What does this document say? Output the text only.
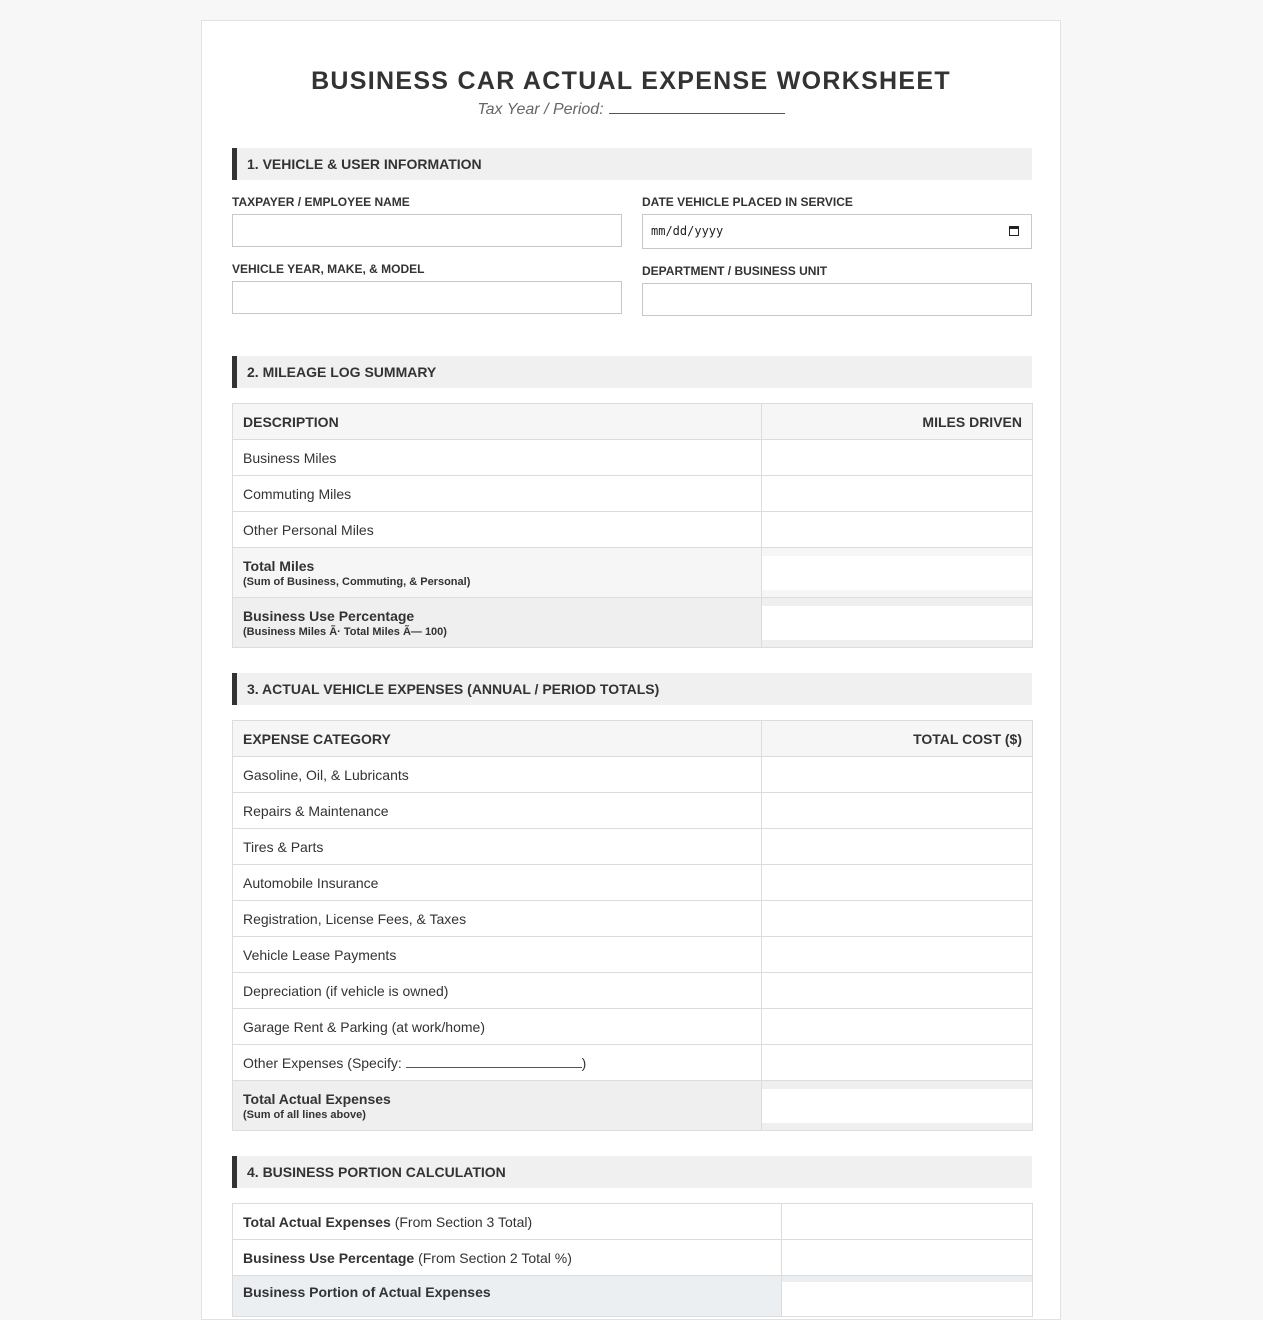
BUSINESS CAR ACTUAL EXPENSE WORKSHEET
Tax Year / Period:
1. VEHICLE & USER INFORMATION
TAXPAYER / EMPLOYEE NAME	DATE VEHICLE PLACED IN SERVICE
mm/dd/yyyy
VEHICLE YEAR, MAKE, & MODEL	DEPARTMENT / BUSINESS UNIT
2. MILEAGE LOG SUMMARY
DESCRIPTION	MILES DRIVEN
Business Miles	
Commuting Miles	
Other Personal Miles	
Total Miles
(Sum of Business, Commuting, & Personal)	

Business Use Percentage
(Business Miles Ã· Total Miles Ã— 100)	

3. ACTUAL VEHICLE EXPENSES (ANNUAL / PERIOD TOTALS)
EXPENSE CATEGORY	TOTAL COST ($)
Gasoline, Oil, & Lubricants	
Repairs & Maintenance	
Tires & Parts	
Automobile Insurance	
Registration, License Fees, & Taxes	
Vehicle Lease Payments	
Depreciation (if vehicle is owned)	
Garage Rent & Parking (at work/home)	
Other Expenses (Specify: )	
Total Actual Expenses
(Sum of all lines above)	

4. BUSINESS PORTION CALCULATION
Total Actual Expenses (From Section 3 Total)	
Business Use Percentage (From Section 2 Total %)	
Business Portion of Actual Expenses	
